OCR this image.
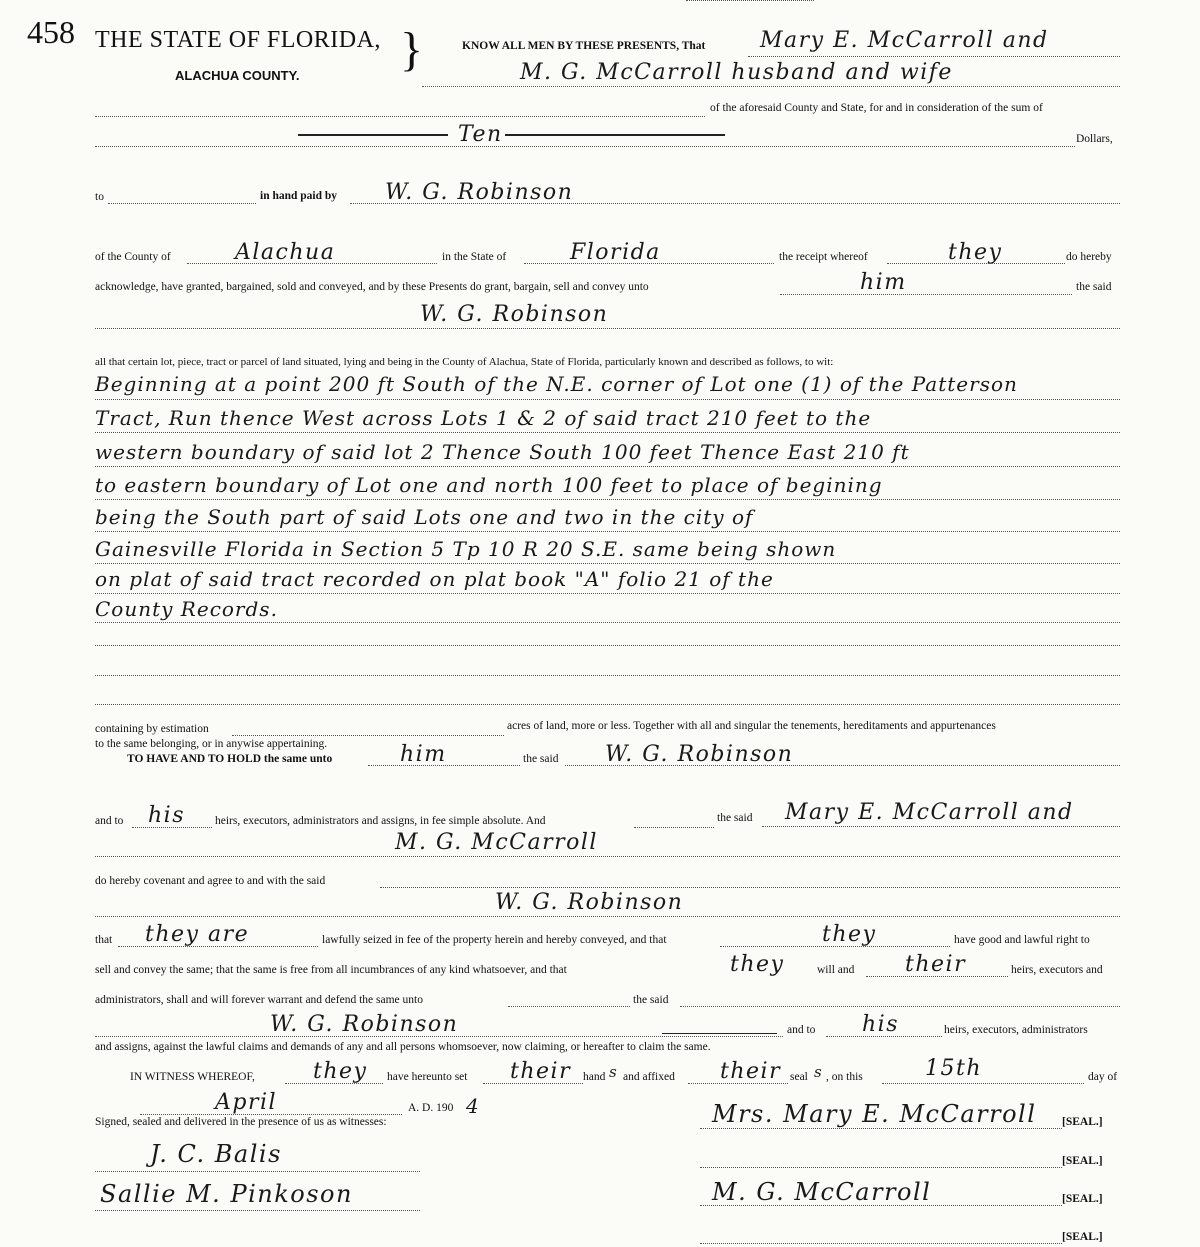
458 THE STATE OF FLORIDA, }
ALACHUA COUNTY.
KNOW ALL MEN BY THESE PRESENTS, That Mary E. McCarroll and
M. G. McCarroll husband and wife
of the aforesaid County and State, for and in consideration of the sum of
Ten	Dollars,
to	in hand paid by W. G. Robinson
of the County of	Alachua	in the State of	Florida	the receipt whereof	they	do hereby
acknowledge, have granted, bargained, sold and conveyed, and by these Presents do grant, bargain, sell and convey unto	him	the said
W. G. Robinson
all that certain lot, piece, tract or parcel of land situated, lying and being in the County of Alachua, State of Florida, particularly known and described as follows, to wit:
Beginning at a point 200 ft South of the N.E. corner of Lot one (1) of the Patterson
Tract, Run thence West across Lots 1 & 2 of said tract 210 feet to the
western boundary of said lot 2 Thence South 100 feet Thence East 210 ft
to eastern boundary of Lot one and north 100 feet to place of begining
being the South part of said Lots one and two in the city of
Gainesville Florida in Section 5 Tp 10 R 20 S.E. same being shown
on plat of said tract recorded on plat book "A" folio 21 of the
County Records.
containing by estimation	acres of land, more or less. Together with all and singular the tenements, hereditaments and appurtenances
to the same belonging, or in anywise appertaining.
TO HAVE AND TO HOLD the same unto	him	the said W. G. Robinson
and to his	heirs, executors, administrators and assigns, in fee simple absolute. And	the said Mary E. McCarroll and
M. G. McCarroll
do hereby covenant and agree to and with the said
W. G. Robinson
that they are	lawfully seized in fee of the property herein and hereby conveyed, and that	they	have good and lawful right to
sell and convey the same; that the same is free from all incumbrances of any kind whatsoever, and that	they	will and their	heirs, executors and
administrators, shall and will forever warrant and defend the same unto	the said
W. G. Robinson	and to his	heirs, executors, administrators
and assigns, against the lawful claims and demands of any and all persons whomsoever, now claiming, or hereafter to claim the same.
IN WITNESS WHEREOF,	they have hereunto set their hand s and affixed their seal s , on this	15th	day of
April	A. D. 190 4
Signed, sealed and delivered in the presence of us as witnesses:
J. C. Balis
Sallie M. Pinkoson
Mrs. Mary E. McCarroll [SEAL.]
[SEAL.]
M. G. McCarroll	[SEAL.]
[SEAL.]
